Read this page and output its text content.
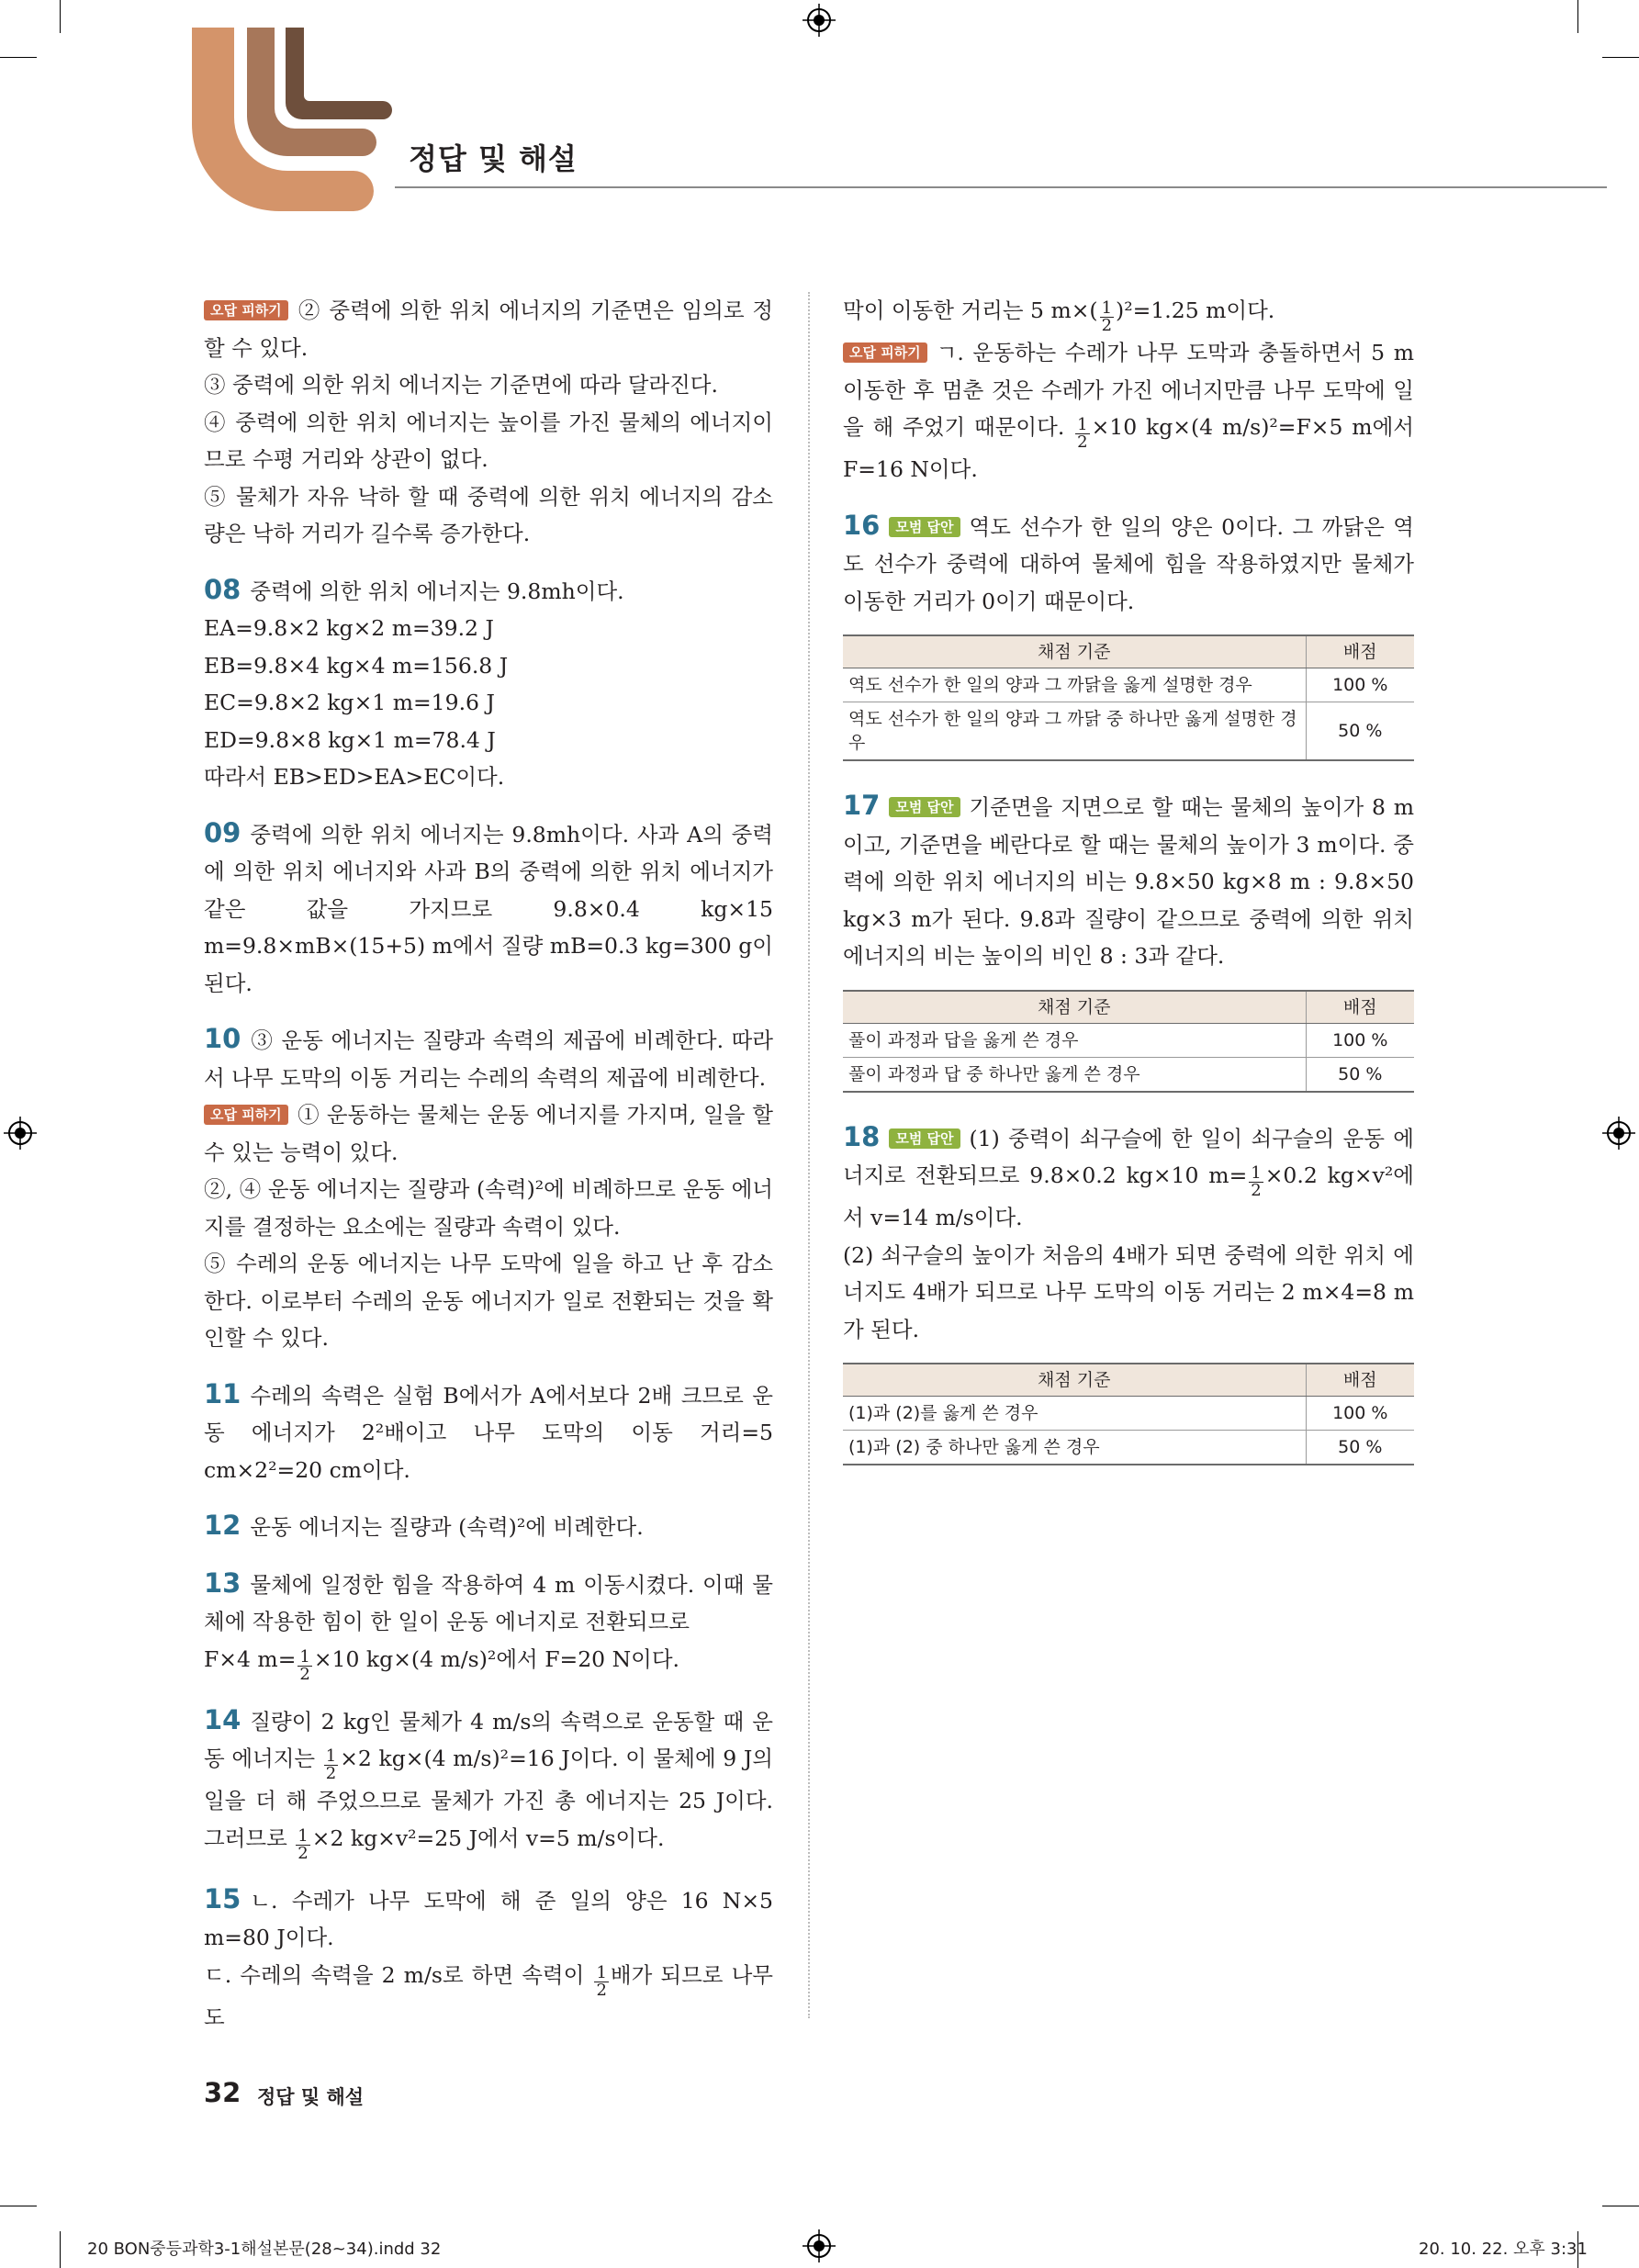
정답 및 해설

오답 피하기 ② 중력에 의한 위치 에너지의 기준면은 임의로 정할 수 있다.

③ 중력에 의한 위치 에너지는 기준면에 따라 달라진다.

④ 중력에 의한 위치 에너지는 높이를 가진 물체의 에너지이므로 수평 거리와 상관이 없다.

⑤ 물체가 자유 낙하 할 때 중력에 의한 위치 에너지의 감소량은 낙하 거리가 길수록 증가한다.

08 중력에 의한 위치 에너지는 9.8mh이다.

EA=9.8×2 kg×2 m=39.2 J

EB=9.8×4 kg×4 m=156.8 J

EC=9.8×2 kg×1 m=19.6 J

ED=9.8×8 kg×1 m=78.4 J

따라서 EB>ED>EA>EC이다.

09 중력에 의한 위치 에너지는 9.8mh이다. 사과 A의 중력에 의한 위치 에너지와 사과 B의 중력에 의한 위치 에너지가 같은 값을 가지므로 9.8×0.4 kg×15 m=9.8×mB×(15+5) m에서 질량 mB=0.3 kg=300 g이 된다.

10 ③ 운동 에너지는 질량과 속력의 제곱에 비례한다. 따라서 나무 도막의 이동 거리는 수레의 속력의 제곱에 비례한다.

오답 피하기 ① 운동하는 물체는 운동 에너지를 가지며, 일을 할 수 있는 능력이 있다.

②, ④ 운동 에너지는 질량과 (속력)²에 비례하므로 운동 에너지를 결정하는 요소에는 질량과 속력이 있다.

⑤ 수레의 운동 에너지는 나무 도막에 일을 하고 난 후 감소한다. 이로부터 수레의 운동 에너지가 일로 전환되는 것을 확인할 수 있다.

11 수레의 속력은 실험 B에서가 A에서보다 2배 크므로 운동 에너지가 2²배이고 나무 도막의 이동 거리=5 cm×2²=20 cm이다.

12 운동 에너지는 질량과 (속력)²에 비례한다.

13 물체에 일정한 힘을 작용하여 4 m 이동시켰다. 이때 물체에 작용한 힘이 한 일이 운동 에너지로 전환되므로

F×4 $m= \frac{1}{2} \times 10$ kg×(4 m/s)²에서 F=20 N이다.

14 질량이 2 kg인 물체가 4 m/s의 속력으로 운동할 때 운동 에너지는 $\frac{1}{2} \times 2$ kg×(4 m/s)²=16 J이다. 이 물체에 9 J의 일을 더 해 주었으므로 물체가 가진 총 에너지는 25 J이다. 그러므로 $\frac{1}{2} \times 2$ kg×v²=25 J에서 v=5 m/s이다.

15 ㄴ. 수레가 나무 도막에 해 준 일의 양은 16 N×5 m=80 J이다.

ㄷ. 수레의 속력을 2 m/s로 하면 속력이 $\frac{1}{2}$ 배가 되므로 나무 도

막이 이동한 거리는 5 $m\times( \frac{1}{2} )^2=1.25$ m이다.

오답 피하기 ㄱ. 운동하는 수레가 나무 도막과 충돌하면서 5 m 이동한 후 멈춘 것은 수레가 가진 에너지만큼 나무 도막에 일을 해 주었기 때문이다. $\frac{1}{2} \times 10$ kg×(4 m/s)²=F×5 m에서 F=16 N이다.

16 모범 답안 역도 선수가 한 일의 양은 0이다. 그 까닭은 역도 선수가 중력에 대하여 물체에 힘을 작용하였지만 물체가 이동한 거리가 0이기 때문이다.

채점 기준	배점
역도 선수가 한 일의 양과 그 까닭을 옳게 설명한 경우	100 %
역도 선수가 한 일의 양과 그 까닭 중 하나만 옳게 설명한 경우	50 %

17 모범 답안 기준면을 지면으로 할 때는 물체의 높이가 8 m이고, 기준면을 베란다로 할 때는 물체의 높이가 3 m이다. 중력에 의한 위치 에너지의 비는 9.8×50 kg×8 m : 9.8×50 kg×3 m가 된다. 9.8과 질량이 같으므로 중력에 의한 위치 에너지의 비는 높이의 비인 8 : 3과 같다.

채점 기준	배점
풀이 과정과 답을 옳게 쓴 경우	100 %
풀이 과정과 답 중 하나만 옳게 쓴 경우	50 %

18 모범 답안 (1) 중력이 쇠구슬에 한 일이 쇠구슬의 운동 에너지로 전환되므로 9.8×0.2 kg×10 $m= \frac{1}{2} \times 0.2$ kg×v²에서 v=14 m/s이다.

(2) 쇠구슬의 높이가 처음의 4배가 되면 중력에 의한 위치 에너지도 4배가 되므로 나무 도막의 이동 거리는 2 m×4=8 m가 된다.

채점 기준	배점
(1)과 (2)를 옳게 쓴 경우	100 %
(1)과 (2) 중 하나만 옳게 쓴 경우	50 %
32 정답 및 해설
20 BON중등과학3-1해설본문(28~34).indd 32	20. 10. 22. 오후 3:31
